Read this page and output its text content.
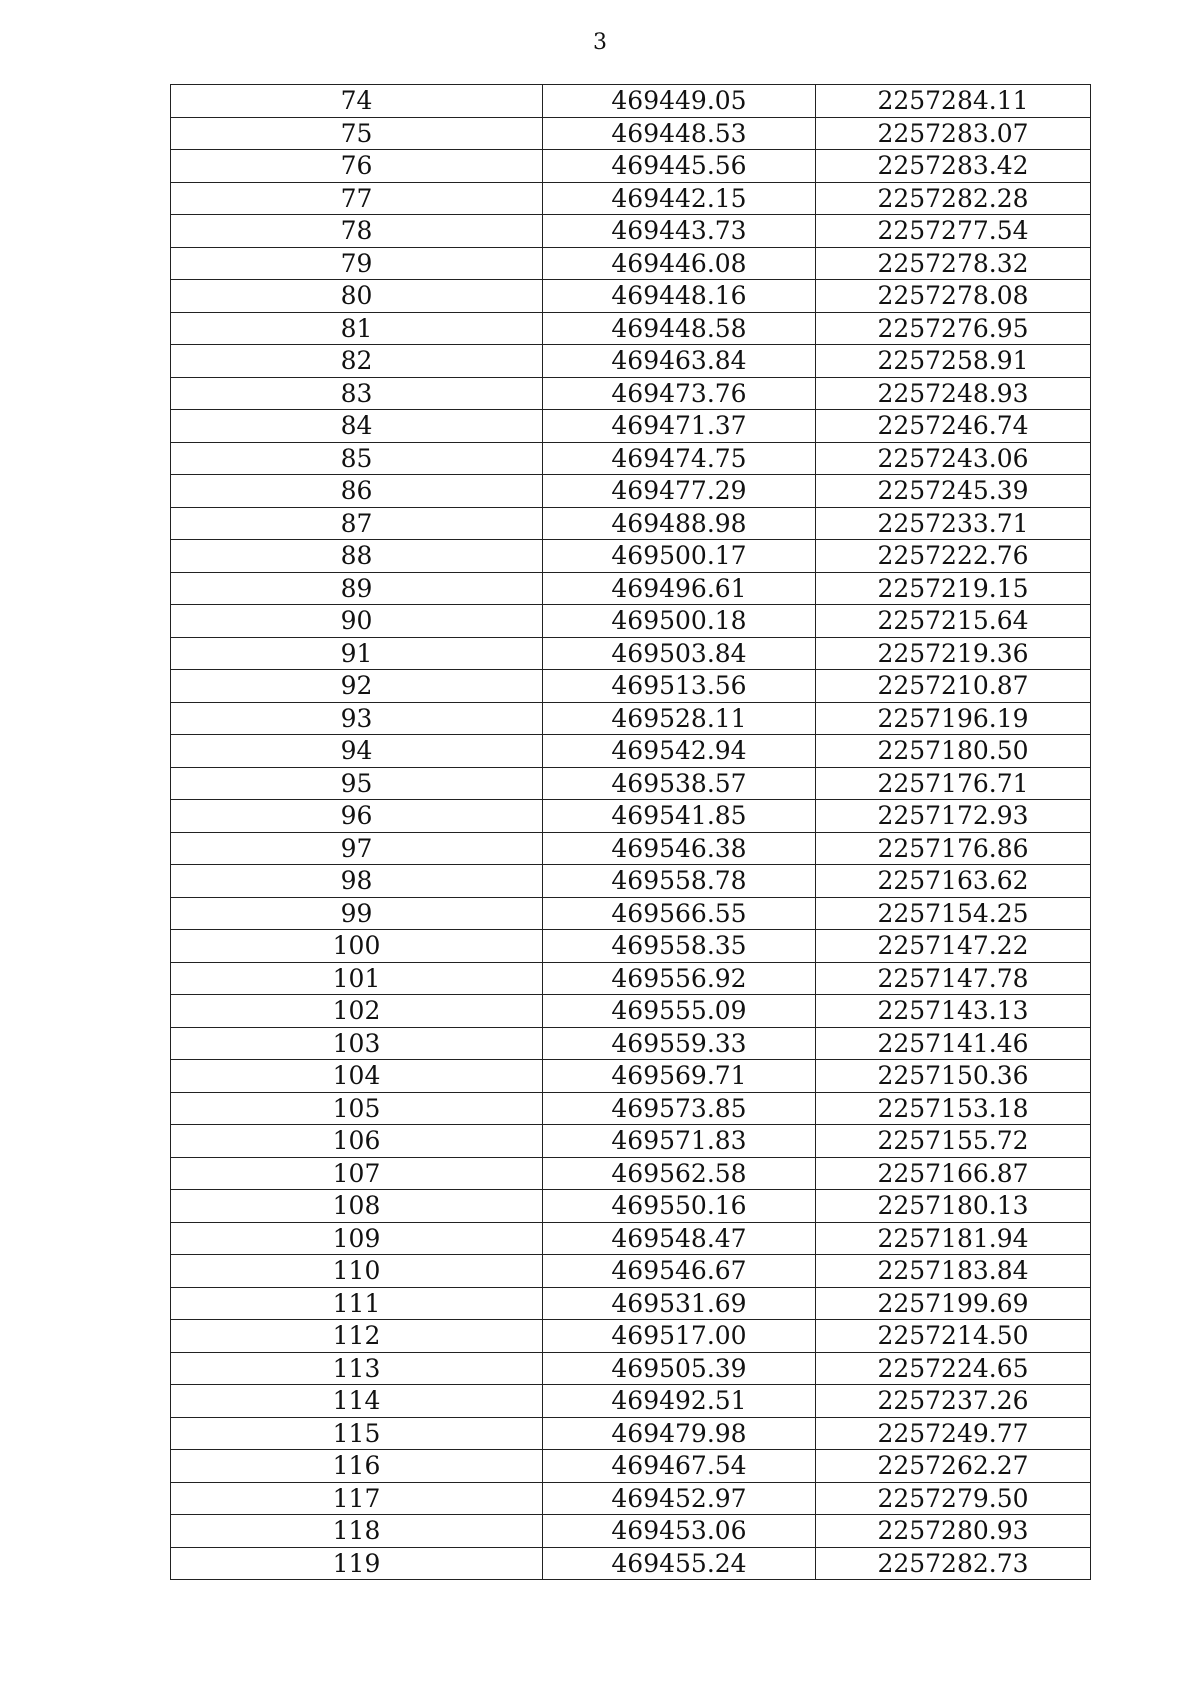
3
74	469449.05	2257284.11
75	469448.53	2257283.07
76	469445.56	2257283.42
77	469442.15	2257282.28
78	469443.73	2257277.54
79	469446.08	2257278.32
80	469448.16	2257278.08
81	469448.58	2257276.95
82	469463.84	2257258.91
83	469473.76	2257248.93
84	469471.37	2257246.74
85	469474.75	2257243.06
86	469477.29	2257245.39
87	469488.98	2257233.71
88	469500.17	2257222.76
89	469496.61	2257219.15
90	469500.18	2257215.64
91	469503.84	2257219.36
92	469513.56	2257210.87
93	469528.11	2257196.19
94	469542.94	2257180.50
95	469538.57	2257176.71
96	469541.85	2257172.93
97	469546.38	2257176.86
98	469558.78	2257163.62
99	469566.55	2257154.25
100	469558.35	2257147.22
101	469556.92	2257147.78
102	469555.09	2257143.13
103	469559.33	2257141.46
104	469569.71	2257150.36
105	469573.85	2257153.18
106	469571.83	2257155.72
107	469562.58	2257166.87
108	469550.16	2257180.13
109	469548.47	2257181.94
110	469546.67	2257183.84
111	469531.69	2257199.69
112	469517.00	2257214.50
113	469505.39	2257224.65
114	469492.51	2257237.26
115	469479.98	2257249.77
116	469467.54	2257262.27
117	469452.97	2257279.50
118	469453.06	2257280.93
119	469455.24	2257282.73
